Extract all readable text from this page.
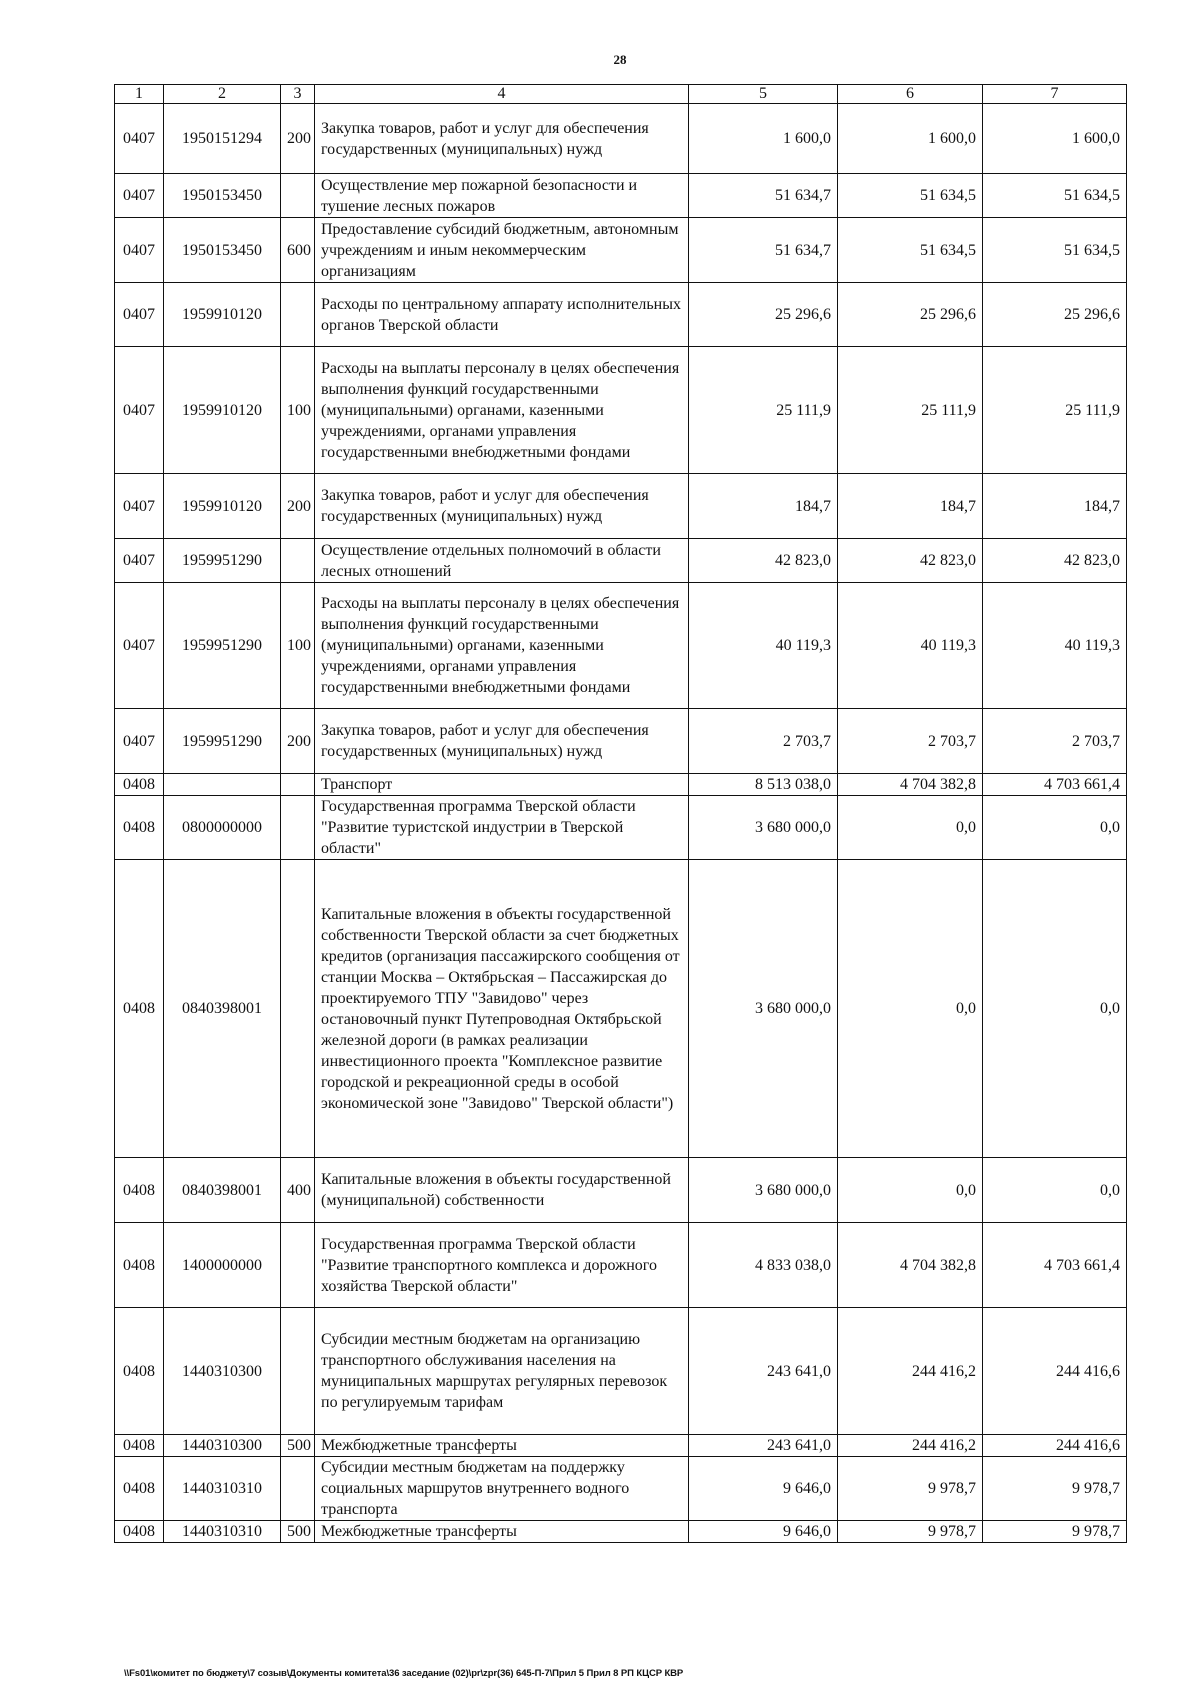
28
1	2	3	4	5	6	7
0407	1950151294	200	Закупка товаров, работ и услуг для обеспечения государственных (муниципальных) нужд	1 600,0	1 600,0	1 600,0
0407	1950153450		Осуществление мер пожарной безопасности и тушение лесных пожаров	51 634,7	51 634,5	51 634,5
0407	1950153450	600	Предоставление субсидий бюджетным, автономным учреждениям и иным некоммерческим организациям	51 634,7	51 634,5	51 634,5
0407	1959910120		Расходы по центральному аппарату исполнительных органов Тверской области	25 296,6	25 296,6	25 296,6
0407	1959910120	100	Расходы на выплаты персоналу в целях обеспечения выполнения функций государственными (муниципальными) органами, казенными учреждениями, органами управления государственными внебюджетными фондами	25 111,9	25 111,9	25 111,9
0407	1959910120	200	Закупка товаров, работ и услуг для обеспечения государственных (муниципальных) нужд	184,7	184,7	184,7
0407	1959951290		Осуществление отдельных полномочий в области лесных отношений	42 823,0	42 823,0	42 823,0
0407	1959951290	100	Расходы на выплаты персоналу в целях обеспечения выполнения функций государственными (муниципальными) органами, казенными учреждениями, органами управления государственными внебюджетными фондами	40 119,3	40 119,3	40 119,3
0407	1959951290	200	Закупка товаров, работ и услуг для обеспечения государственных (муниципальных) нужд	2 703,7	2 703,7	2 703,7
0408			Транспорт	8 513 038,0	4 704 382,8	4 703 661,4
0408	0800000000		Государственная программа Тверской области "Развитие туристской индустрии в Тверской области"	3 680 000,0	0,0	0,0
0408	0840398001		Капитальные вложения в объекты государственной собственности Тверской области за счет бюджетных кредитов (организация пассажирского сообщения от станции Москва – Октябрьская – Пассажирская до проектируемого ТПУ "Завидово" через остановочный пункт Путепроводная Октябрьской железной дороги (в рамках реализации инвестиционного проекта "Комплексное развитие городской и рекреационной среды в особой экономической зоне "Завидово" Тверской области")	3 680 000,0	0,0	0,0
0408	0840398001	400	Капитальные вложения в объекты государственной (муниципальной) собственности	3 680 000,0	0,0	0,0
0408	1400000000		Государственная программа Тверской области "Развитие транспортного комплекса и дорожного хозяйства Тверской области"	4 833 038,0	4 704 382,8	4 703 661,4
0408	1440310300		Субсидии местным бюджетам на организацию транспортного обслуживания населения на муниципальных маршрутах регулярных перевозок по регулируемым тарифам	243 641,0	244 416,2	244 416,6
0408	1440310300	500	Межбюджетные трансферты	243 641,0	244 416,2	244 416,6
0408	1440310310		Субсидии местным бюджетам на поддержку социальных маршрутов внутреннего водного транспорта	9 646,0	9 978,7	9 978,7
0408	1440310310	500	Межбюджетные трансферты	9 646,0	9 978,7	9 978,7
\\Fs01\комитет по бюджету\7 созыв\Документы комитета\36 заседание (02)\pr\zpr(36) 645-П-7\Прил 5 Прил 8 РП КЦСР КВР
